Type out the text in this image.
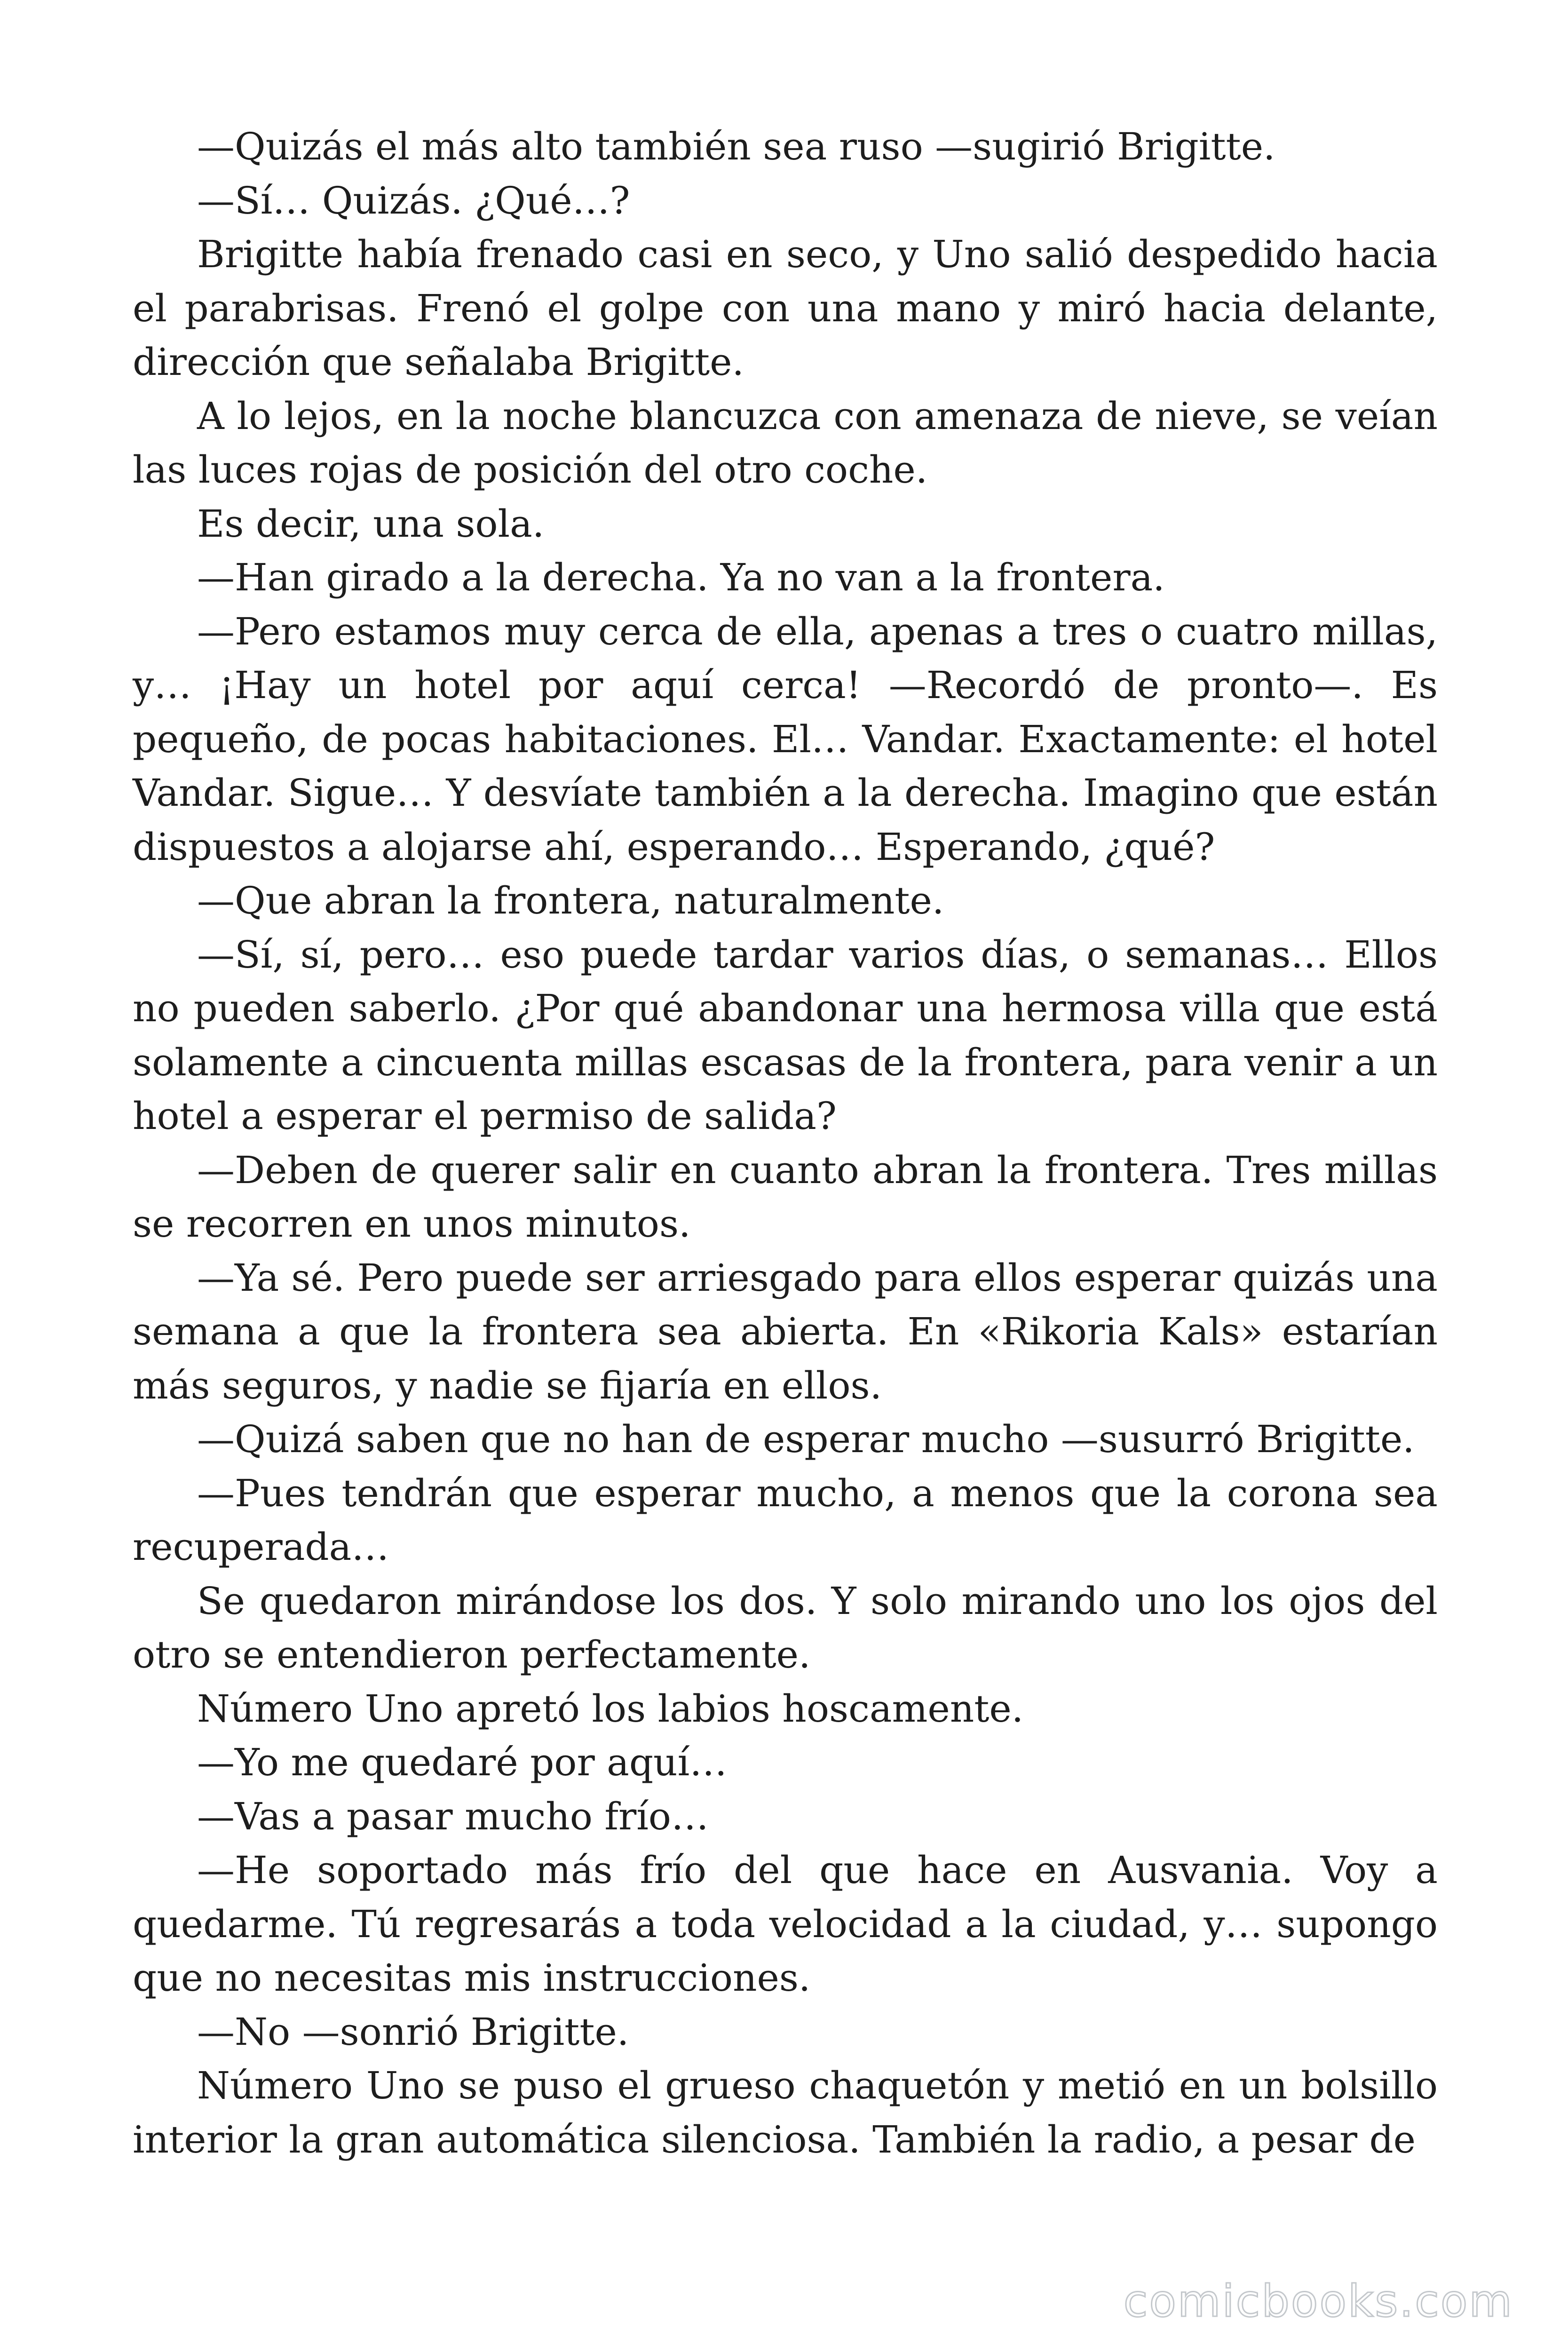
—Quizás el más alto también sea ruso —sugirió Brigitte.

—Sí… Quizás. ¿Qué…?

Brigitte había frenado casi en seco, y Uno salió despedido hacia el parabrisas. Frenó el golpe con una mano y miró hacia delante, dirección que señalaba Brigitte.

A lo lejos, en la noche blancuzca con amenaza de nieve, se veían las luces rojas de posición del otro coche.

Es decir, una sola.

—Han girado a la derecha. Ya no van a la frontera.

—Pero estamos muy cerca de ella, apenas a tres o cuatro millas, y… ¡Hay un hotel por aquí cerca! —Recordó de pronto—. Es pequeño, de pocas habitaciones. El… Vandar. Exactamente: el hotel Vandar. Sigue… Y desvíate también a la derecha. Imagino que están dispuestos a alojarse ahí, esperando… Esperando, ¿qué?

—Que abran la frontera, naturalmente.

—Sí, sí, pero… eso puede tardar varios días, o semanas… Ellos no pueden saberlo. ¿Por qué abandonar una hermosa villa que está solamente a cincuenta millas escasas de la frontera, para venir a un hotel a esperar el permiso de salida?

—Deben de querer salir en cuanto abran la frontera. Tres millas se recorren en unos minutos.

—Ya sé. Pero puede ser arriesgado para ellos esperar quizás una semana a que la frontera sea abierta. En «Rikoria Kals» estarían más seguros, y nadie se fijaría en ellos.

—Quizá saben que no han de esperar mucho —susurró Brigitte.

—Pues tendrán que esperar mucho, a menos que la corona sea recuperada…

Se quedaron mirándose los dos. Y solo mirando uno los ojos del otro se entendieron perfectamente.

Número Uno apretó los labios hoscamente.

—Yo me quedaré por aquí…

—Vas a pasar mucho frío…

—He soportado más frío del que hace en Ausvania. Voy a quedarme. Tú regresarás a toda velocidad a la ciudad, y… supongo que no necesitas mis instrucciones.

—No —sonrió Brigitte.

Número Uno se puso el grueso chaquetón y metió en un bolsillo interior la gran automática silenciosa. También la radio, a pesar de

comicbooks.com
